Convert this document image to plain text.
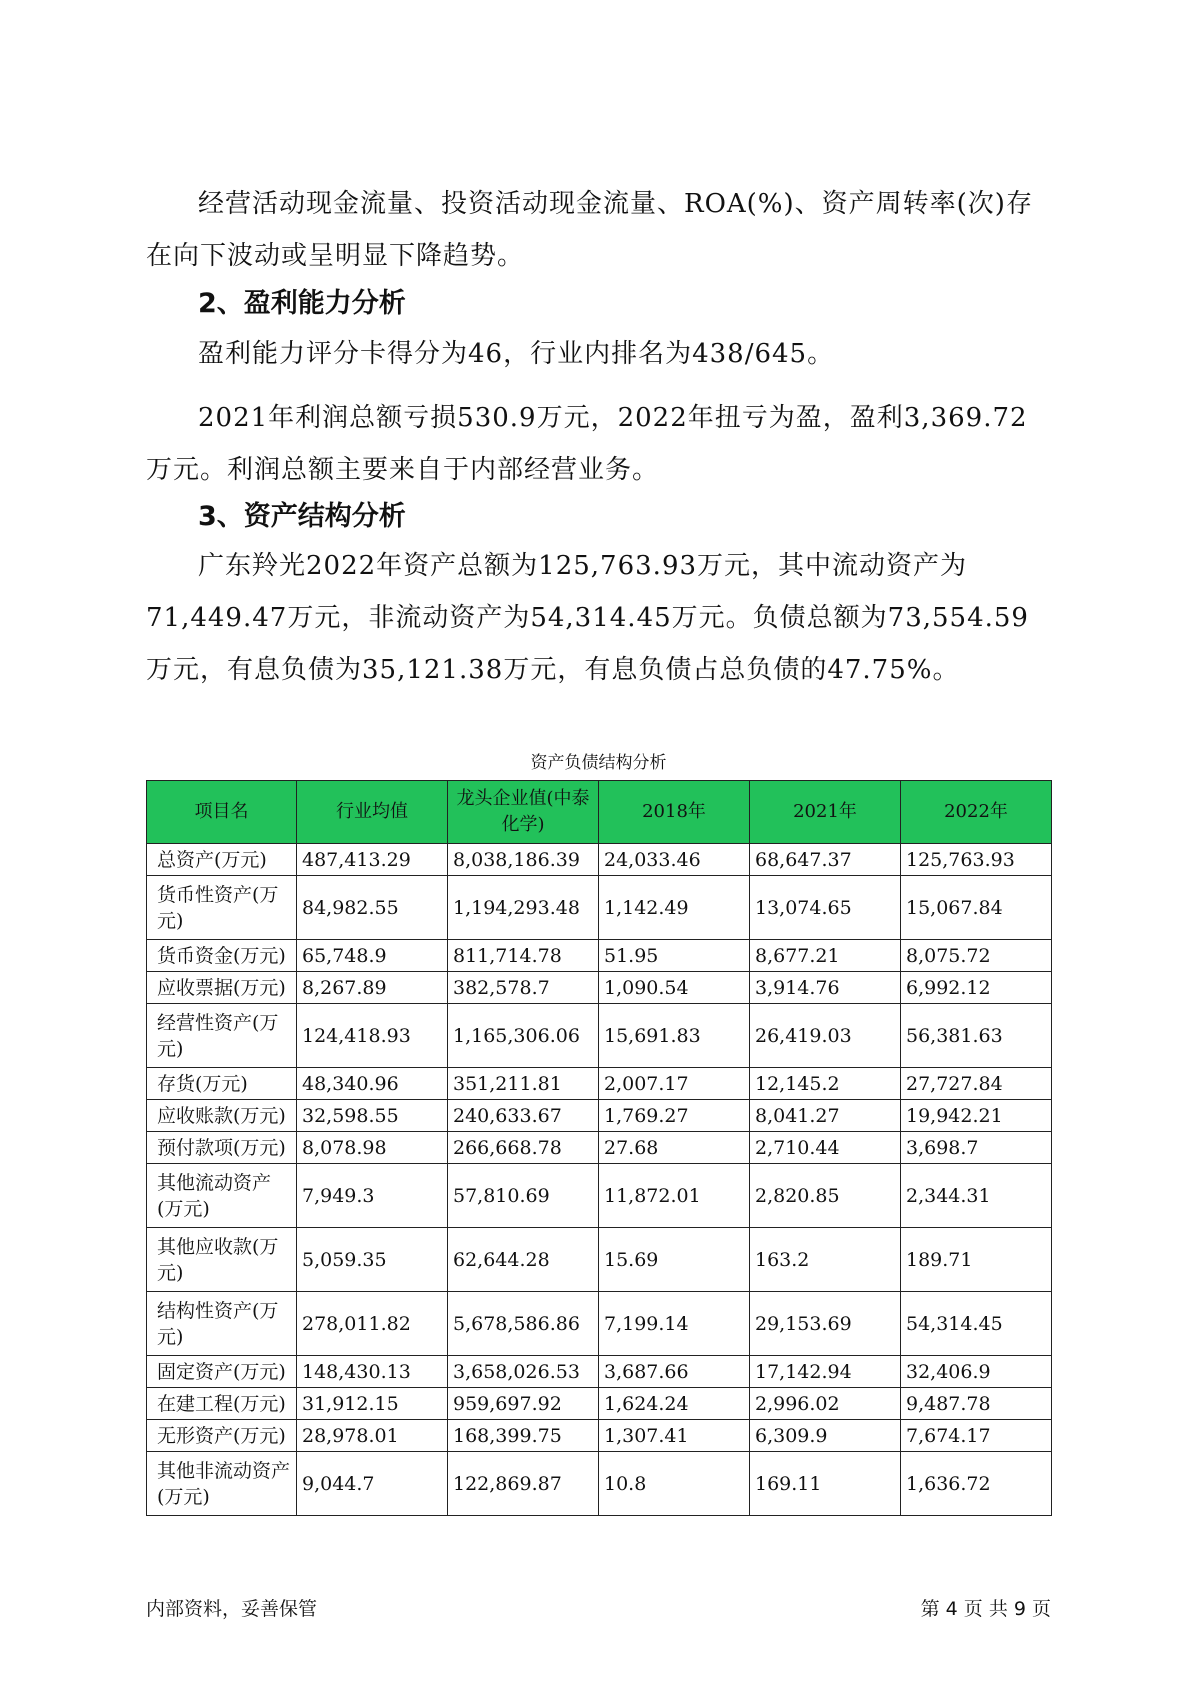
经营活动现金流量、投资活动现金流量、ROA(%)、资产周转率(次)存在向下波动或呈明显下降趋势。

2、盈利能力分析

盈利能力评分卡得分为46，行业内排名为438/645。

2021年利润总额亏损530.9万元，2022年扭亏为盈，盈利3,369.72万元。利润总额主要来自于内部经营业务。

3、资产结构分析

广东羚光2022年资产总额为125,763.93万元，其中流动资产为71,449.47万元，非流动资产为54,314.45万元。负债总额为73,554.59万元，有息负债为35,121.38万元，有息负债占总负债的47.75%。

资产负债结构分析
项目名	行业均值	龙头企业值(中泰化学)	2018年	2021年	2022年
总资产(万元)	487,413.29	8,038,186.39	24,033.46	68,647.37	125,763.93
货币性资产(万元)	84,982.55	1,194,293.48	1,142.49	13,074.65	15,067.84
货币资金(万元)	65,748.9	811,714.78	51.95	8,677.21	8,075.72
应收票据(万元)	8,267.89	382,578.7	1,090.54	3,914.76	6,992.12
经营性资产(万元)	124,418.93	1,165,306.06	15,691.83	26,419.03	56,381.63
存货(万元)	48,340.96	351,211.81	2,007.17	12,145.2	27,727.84
应收账款(万元)	32,598.55	240,633.67	1,769.27	8,041.27	19,942.21
预付款项(万元)	8,078.98	266,668.78	27.68	2,710.44	3,698.7
其他流动资产(万元)	7,949.3	57,810.69	11,872.01	2,820.85	2,344.31
其他应收款(万元)	5,059.35	62,644.28	15.69	163.2	189.71
结构性资产(万元)	278,011.82	5,678,586.86	7,199.14	29,153.69	54,314.45
固定资产(万元)	148,430.13	3,658,026.53	3,687.66	17,142.94	32,406.9
在建工程(万元)	31,912.15	959,697.92	1,624.24	2,996.02	9,487.78
无形资产(万元)	28,978.01	168,399.75	1,307.41	6,309.9	7,674.17
其他非流动资产(万元)	9,044.7	122,869.87	10.8	169.11	1,636.72
内部资料，妥善保管	第 4 页 共 9 页
